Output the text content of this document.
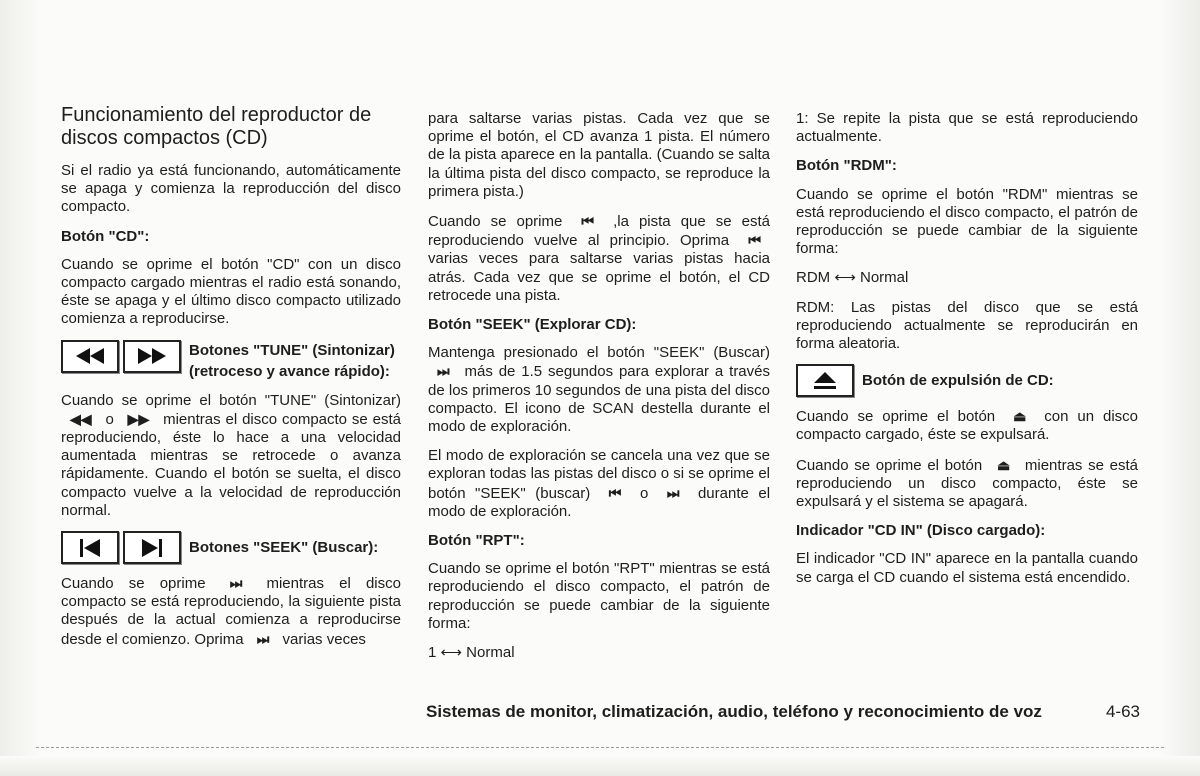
Funcionamiento del reproductor de discos compactos (CD)

Si el radio ya está funcionando, automáticamente se apaga y comienza la reproducción del disco compacto.

Botón "CD":

Cuando se oprime el botón "CD" con un disco compacto cargado mientras el radio está sonando, éste se apaga y el último disco compacto utilizado comienza a reproducirse.

Botones "TUNE" (Sintonizar) (retroceso y avance rápido):

Cuando se oprime el botón "TUNE" (Sintonizar) ◀◀ o ▶▶ mientras el disco compacto se está reproduciendo, éste lo hace a una velocidad aumentada mientras se retrocede o avanza rápidamente. Cuando el botón se suelta, el disco compacto vuelve a la velocidad de reproducción normal.

Botones "SEEK" (Buscar):

Cuando se oprime ⏭ mientras el disco compacto se está reproduciendo, la siguiente pista después de la actual comienza a reproducirse desde el comienzo. Oprima ⏭ varias veces

para saltarse varias pistas. Cada vez que se oprime el botón, el CD avanza 1 pista. El número de la pista aparece en la pantalla. (Cuando se salta la última pista del disco compacto, se reproduce la primera pista.)

Cuando se oprime ⏮ ,la pista que se está reproduciendo vuelve al principio. Oprima ⏮ varias veces para saltarse varias pistas hacia atrás. Cada vez que se oprime el botón, el CD retrocede una pista.

Botón "SEEK" (Explorar CD):

Mantenga presionado el botón "SEEK" (Buscar) ⏭ más de 1.5 segundos para explorar a través de los primeros 10 segundos de una pista del disco compacto. El icono de SCAN destella durante el modo de exploración.

El modo de exploración se cancela una vez que se exploran todas las pistas del disco o si se oprime el botón "SEEK" (buscar) ⏮ o ⏭ durante el modo de exploración.

Botón "RPT":

Cuando se oprime el botón "RPT" mientras se está reproduciendo el disco compacto, el patrón de reproducción se puede cambiar de la siguiente forma:

1 ⟷ Normal

1: Se repite la pista que se está reproduciendo actualmente.

Botón "RDM":

Cuando se oprime el botón "RDM" mientras se está reproduciendo el disco compacto, el patrón de reproducción se puede cambiar de la siguiente forma:

RDM ⟷ Normal

RDM: Las pistas del disco que se está reproduciendo actualmente se reproducirán en forma aleatoria.

Botón de expulsión de CD:

Cuando se oprime el botón ⏏ con un disco compacto cargado, éste se expulsará.

Cuando se oprime el botón ⏏ mientras se está reproduciendo un disco compacto, éste se expulsará y el sistema se apagará.

Indicador "CD IN" (Disco cargado):

El indicador "CD IN" aparece en la pantalla cuando se carga el CD cuando el sistema está encendido.

Sistemas de monitor, climatización, audio, teléfono y reconocimiento de voz	4-63
